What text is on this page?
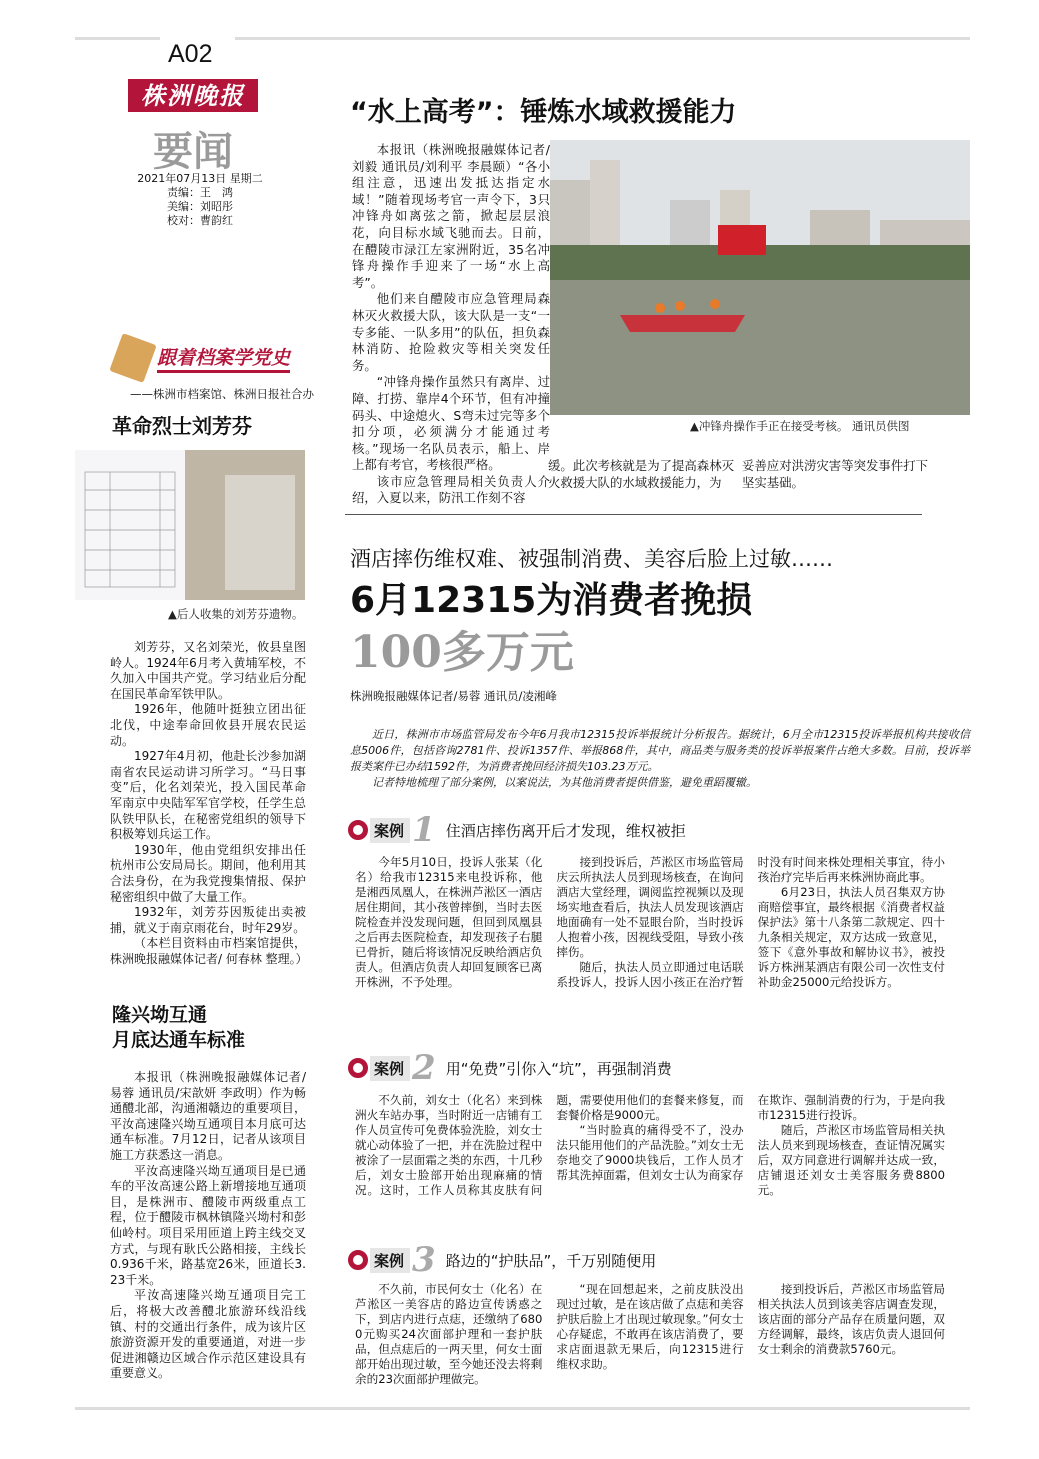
A02
株洲晚报
要闻
2021年07月13日 星期二
责编：王　鸿
美编：刘昭彤
校对：曹韵红
“水上高考”：锤炼水域救援能力

本报讯（株洲晚报融媒体记者/刘毅 通讯员/刘利平 李晨颐）“各小组注意，迅速出发抵达指定水域！”随着现场考官一声令下，3只冲锋舟如离弦之箭，掀起层层浪花，向目标水域飞驰而去。日前，在醴陵市渌江左家洲附近，35名冲锋舟操作手迎来了一场“水上高考”。

他们来自醴陵市应急管理局森林灭火救援大队，该大队是一支“一专多能、一队多用”的队伍，担负森林消防、抢险救灾等相关突发任务。

“冲锋舟操作虽然只有离岸、过障、打捞、靠岸4个环节，但有冲撞码头、中途熄火、S弯未过完等多个扣分项，必须满分才能通过考核。”现场一名队员表示，船上、岸上都有考官，考核很严格。

该市应急管理局相关负责人介绍，入夏以来，防汛工作刻不容

▲冲锋舟操作手正在接受考核。 通讯员供图

缓。此次考核就是为了提高森林灭火救援大队的水域救援能力，为

妥善应对洪涝灾害等突发事件打下坚实基础。

跟着档案学党史
——株洲市档案馆、株洲日报社合办
革命烈士刘芳芬
▲后人收集的刘芳芬遗物。

刘芳芬，又名刘荣光，攸县皇图岭人。1924年6月考入黄埔军校，不久加入中国共产党。学习结业后分配在国民革命军铁甲队。

1926年，他随叶挺独立团出征北伐，中途奉命回攸县开展农民运动。

1927年4月初，他赴长沙参加湖南省农民运动讲习所学习。“马日事变”后，化名刘荣光，投入国民革命军南京中央陆军军官学校，任学生总队铁甲队长，在秘密党组织的领导下积极筹划兵运工作。

1930年，他由党组织安排出任杭州市公安局局长。期间，他利用其合法身份，在为我党搜集情报、保护秘密组织中做了大量工作。

1932年，刘芳芬因叛徒出卖被捕，就义于南京雨花台，时年29岁。

（本栏目资料由市档案馆提供，株洲晚报融媒体记者/ 何春林 整理。）

隆兴坳互通
月底达通车标准

本报讯（株洲晚报融媒体记者/易蓉 通讯员/宋歆妍 李政明）作为畅通醴北部，沟通湘赣边的重要项目，平汝高速隆兴坳互通项目本月底可达通车标准。7月12日，记者从该项目施工方获悉这一消息。

平汝高速隆兴坳互通项目是已通车的平汝高速公路上新增接地互通项目，是株洲市、醴陵市两级重点工程，位于醴陵市枫林镇隆兴坳村和彭仙岭村。项目采用匝道上跨主线交叉方式，与现有耿氏公路相接，主线长0.936千米，路基宽26米，匝道长3.23千米。

平汝高速隆兴坳互通项目完工后，将极大改善醴北旅游环线沿线镇、村的交通出行条件，成为该片区旅游资源开发的重要通道，对进一步促进湘赣边区域合作示范区建设具有重要意义。

酒店摔伤维权难、被强制消费、美容后脸上过敏……
6月12315为消费者挽损
100多万元
株洲晚报融媒体记者/易蓉 通讯员/凌湘峰

近日，株洲市市场监管局发布今年6月我市12315投诉举报统计分析报告。据统计，6月全市12315投诉举报机构共接收信息5006件，包括咨询2781件、投诉1357件、举报868件，其中，商品类与服务类的投诉举报案件占绝大多数。目前，投诉举报类案件已办结1592件，为消费者挽回经济损失103.23万元。

记者特地梳理了部分案例，以案说法，为其他消费者提供借鉴，避免重蹈覆辙。

案例 1 住酒店摔伤离开后才发现，维权被拒

今年5月10日，投诉人张某（化名）给我市12315来电投诉称，他是湘西凤凰人，在株洲芦淞区一酒店居住期间，其小孩曾摔倒，当时去医院检查并没发现问题，但回到凤凰县之后再去医院检查，却发现孩子右腿已骨折，随后将该情况反映给酒店负责人。但酒店负责人却回复顾客已离开株洲，不予处理。

接到投诉后，芦淞区市场监管局庆云所执法人员到现场核查，在询问酒店大堂经理，调阅监控视频以及现场实地查看后，执法人员发现该酒店地面确有一处不显眼台阶，当时投诉人抱着小孩，因视线受阻，导致小孩摔伤。

随后，执法人员立即通过电话联系投诉人，投诉人因小孩正在治疗暂时没有时间来株处理相关事宜，待小孩治疗完毕后再来株洲协商此事。

6月23日，执法人员召集双方协商赔偿事宜，最终根据《消费者权益保护法》第十八条第二款规定、四十九条相关规定，双方达成一致意见，签下《意外事故和解协议书》，被投诉方株洲某酒店有限公司一次性支付补助金25000元给投诉方。

案例 2 用“免费”引你入“坑”，再强制消费

不久前，刘女士（化名）来到株洲火车站办事，当时附近一店铺有工作人员宣传可免费体验洗脸，刘女士就心动体验了一把，并在洗脸过程中被涂了一层面霜之类的东西，十几秒后，刘女士脸部开始出现麻痛的情况。这时，工作人员称其皮肤有问题，需要使用他们的套餐来修复，而套餐价格是9000元。

“当时脸真的痛得受不了，没办法只能用他们的产品洗脸。”刘女士无奈地交了9000块钱后，工作人员才帮其洗掉面霜，但刘女士认为商家存在欺诈、强制消费的行为，于是向我市12315进行投诉。

随后，芦淞区市场监管局相关执法人员来到现场核查，查证情况属实后，双方同意进行调解并达成一致，店铺退还刘女士美容服务费8800元。

案例 3 路边的“护肤品”，千万别随便用

不久前，市民何女士（化名）在芦淞区一美容店的路边宣传诱惑之下，到店内进行点痣，还缴纳了6800元购买24次面部护理和一套护肤品，但点痣后的一两天里，何女士面部开始出现过敏，至今她还没去将剩余的23次面部护理做完。

“现在回想起来，之前皮肤没出现过过敏，是在该店做了点痣和美容护肤后脸上才出现过敏现象。”何女士心存疑虑，不敢再在该店消费了，要求店面退款无果后，向12315进行维权求助。

接到投诉后，芦淞区市场监管局相关执法人员到该美容店调查发现，该店面的部分产品存在质量问题，双方经调解，最终，该店负责人退回何女士剩余的消费款5760元。
